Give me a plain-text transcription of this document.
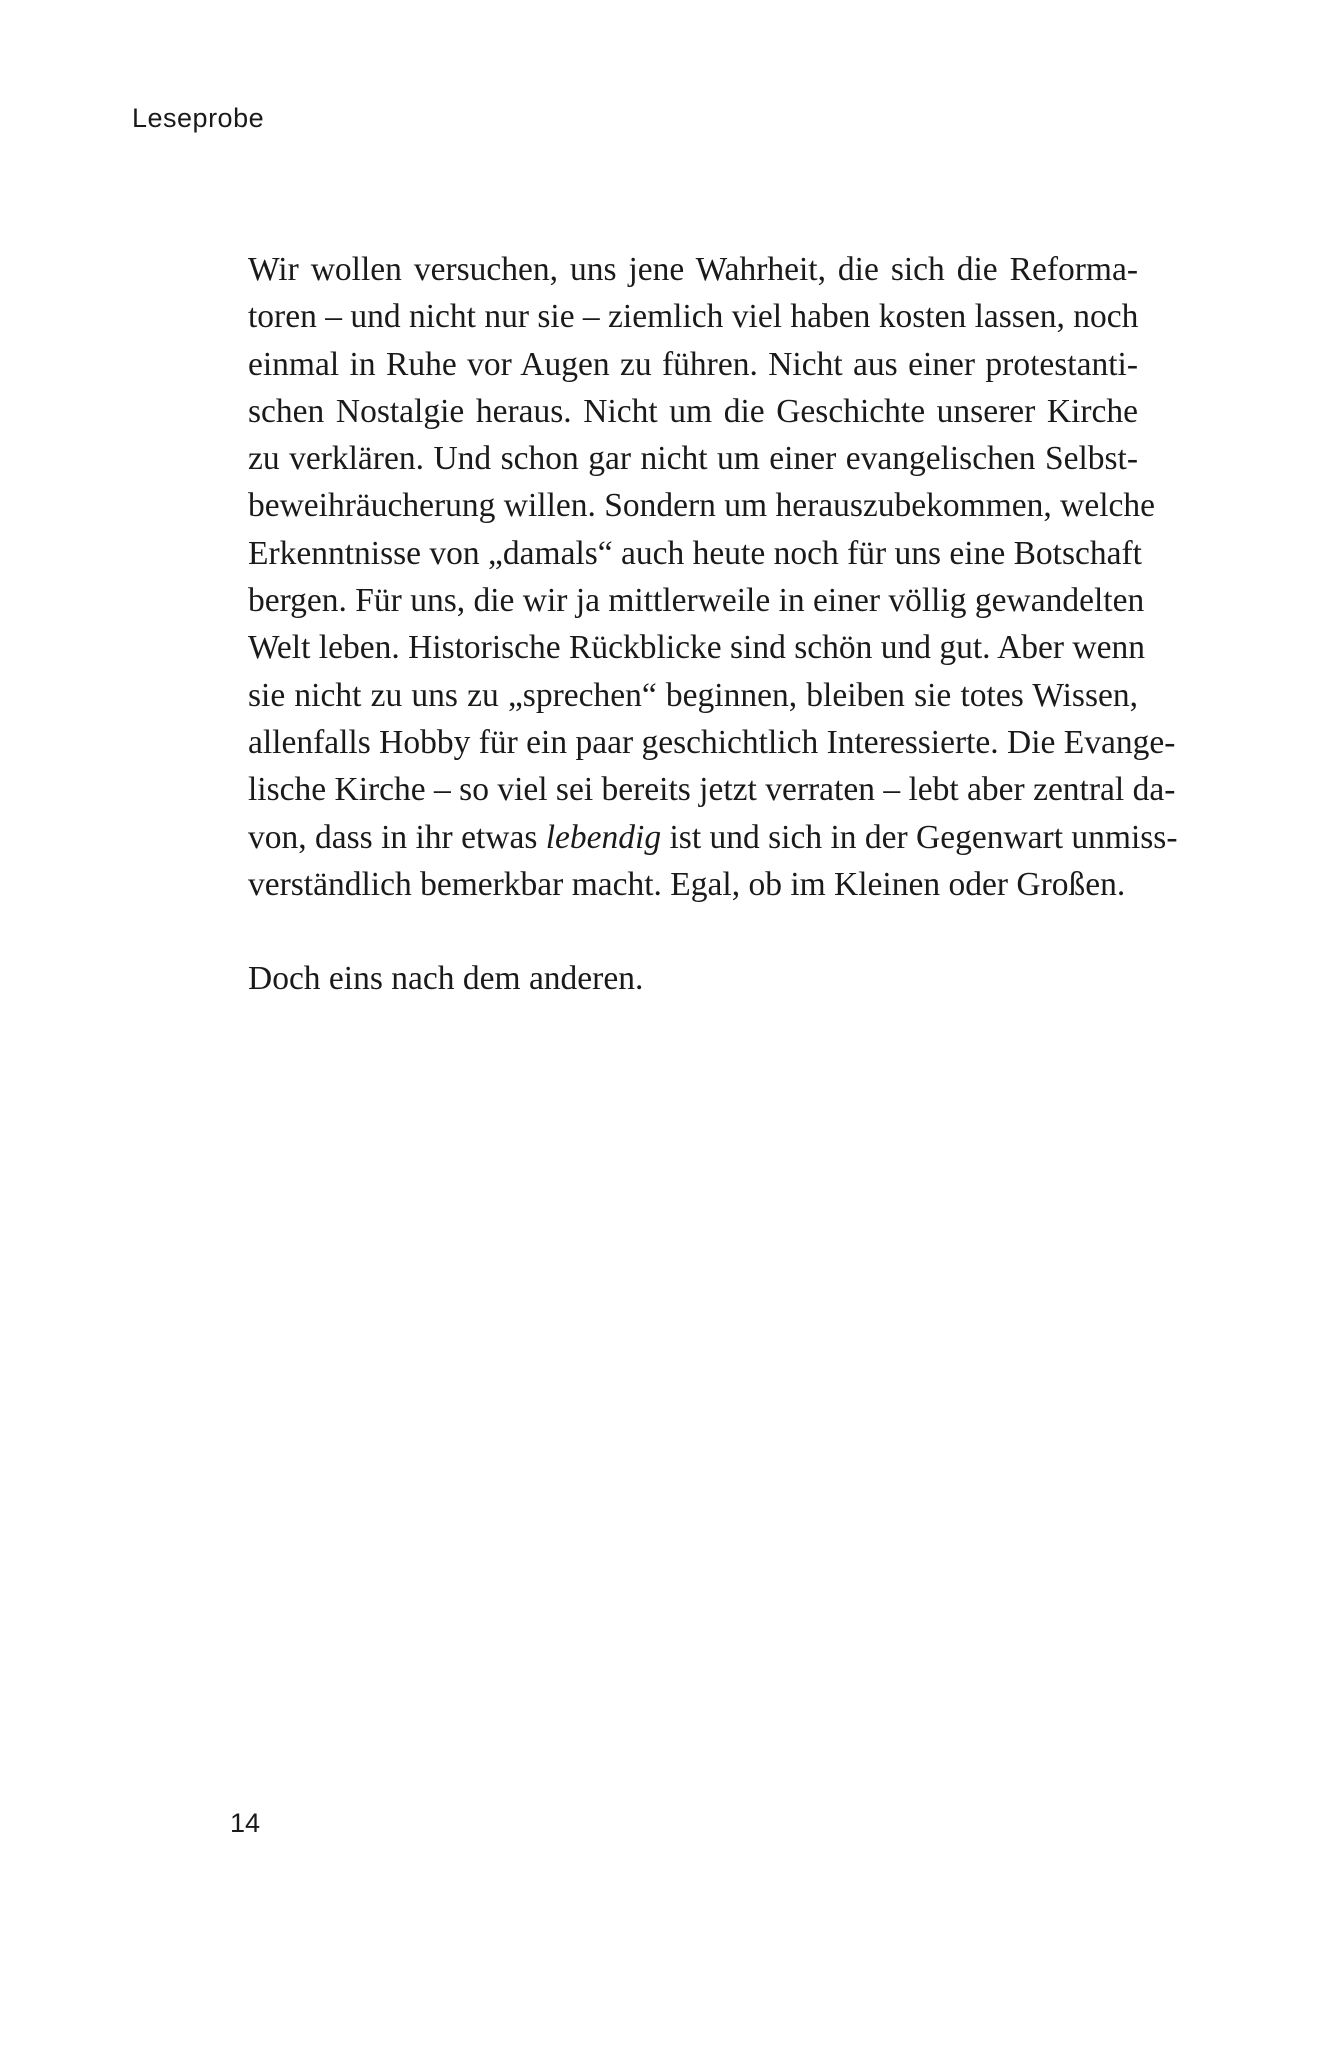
Leseprobe
Wir wollen versuchen, uns jene Wahrheit, die sich die Reforma-
toren – und nicht nur sie – ziemlich viel haben kosten lassen, noch
einmal in Ruhe vor Augen zu führen. Nicht aus einer protestanti-
schen Nostalgie heraus. Nicht um die Geschichte unserer Kirche
zu verklären. Und schon gar nicht um einer evangelischen Selbst-
beweihräucherung willen. Sondern um herauszubekommen, welche
Erkenntnisse von „damals“ auch heute noch für uns eine Botschaft
bergen. Für uns, die wir ja mittlerweile in einer völlig gewandelten
Welt leben. Historische Rückblicke sind schön und gut. Aber wenn
sie nicht zu uns zu „sprechen“ beginnen, bleiben sie totes Wissen,
allenfalls Hobby für ein paar geschichtlich Interessierte. Die Evange-
lische Kirche – so viel sei bereits jetzt verraten – lebt aber zentral da-
von, dass in ihr etwas lebendig ist und sich in der Gegenwart unmiss-
verständlich bemerkbar macht. Egal, ob im Kleinen oder Großen.
Doch eins nach dem anderen.
14
